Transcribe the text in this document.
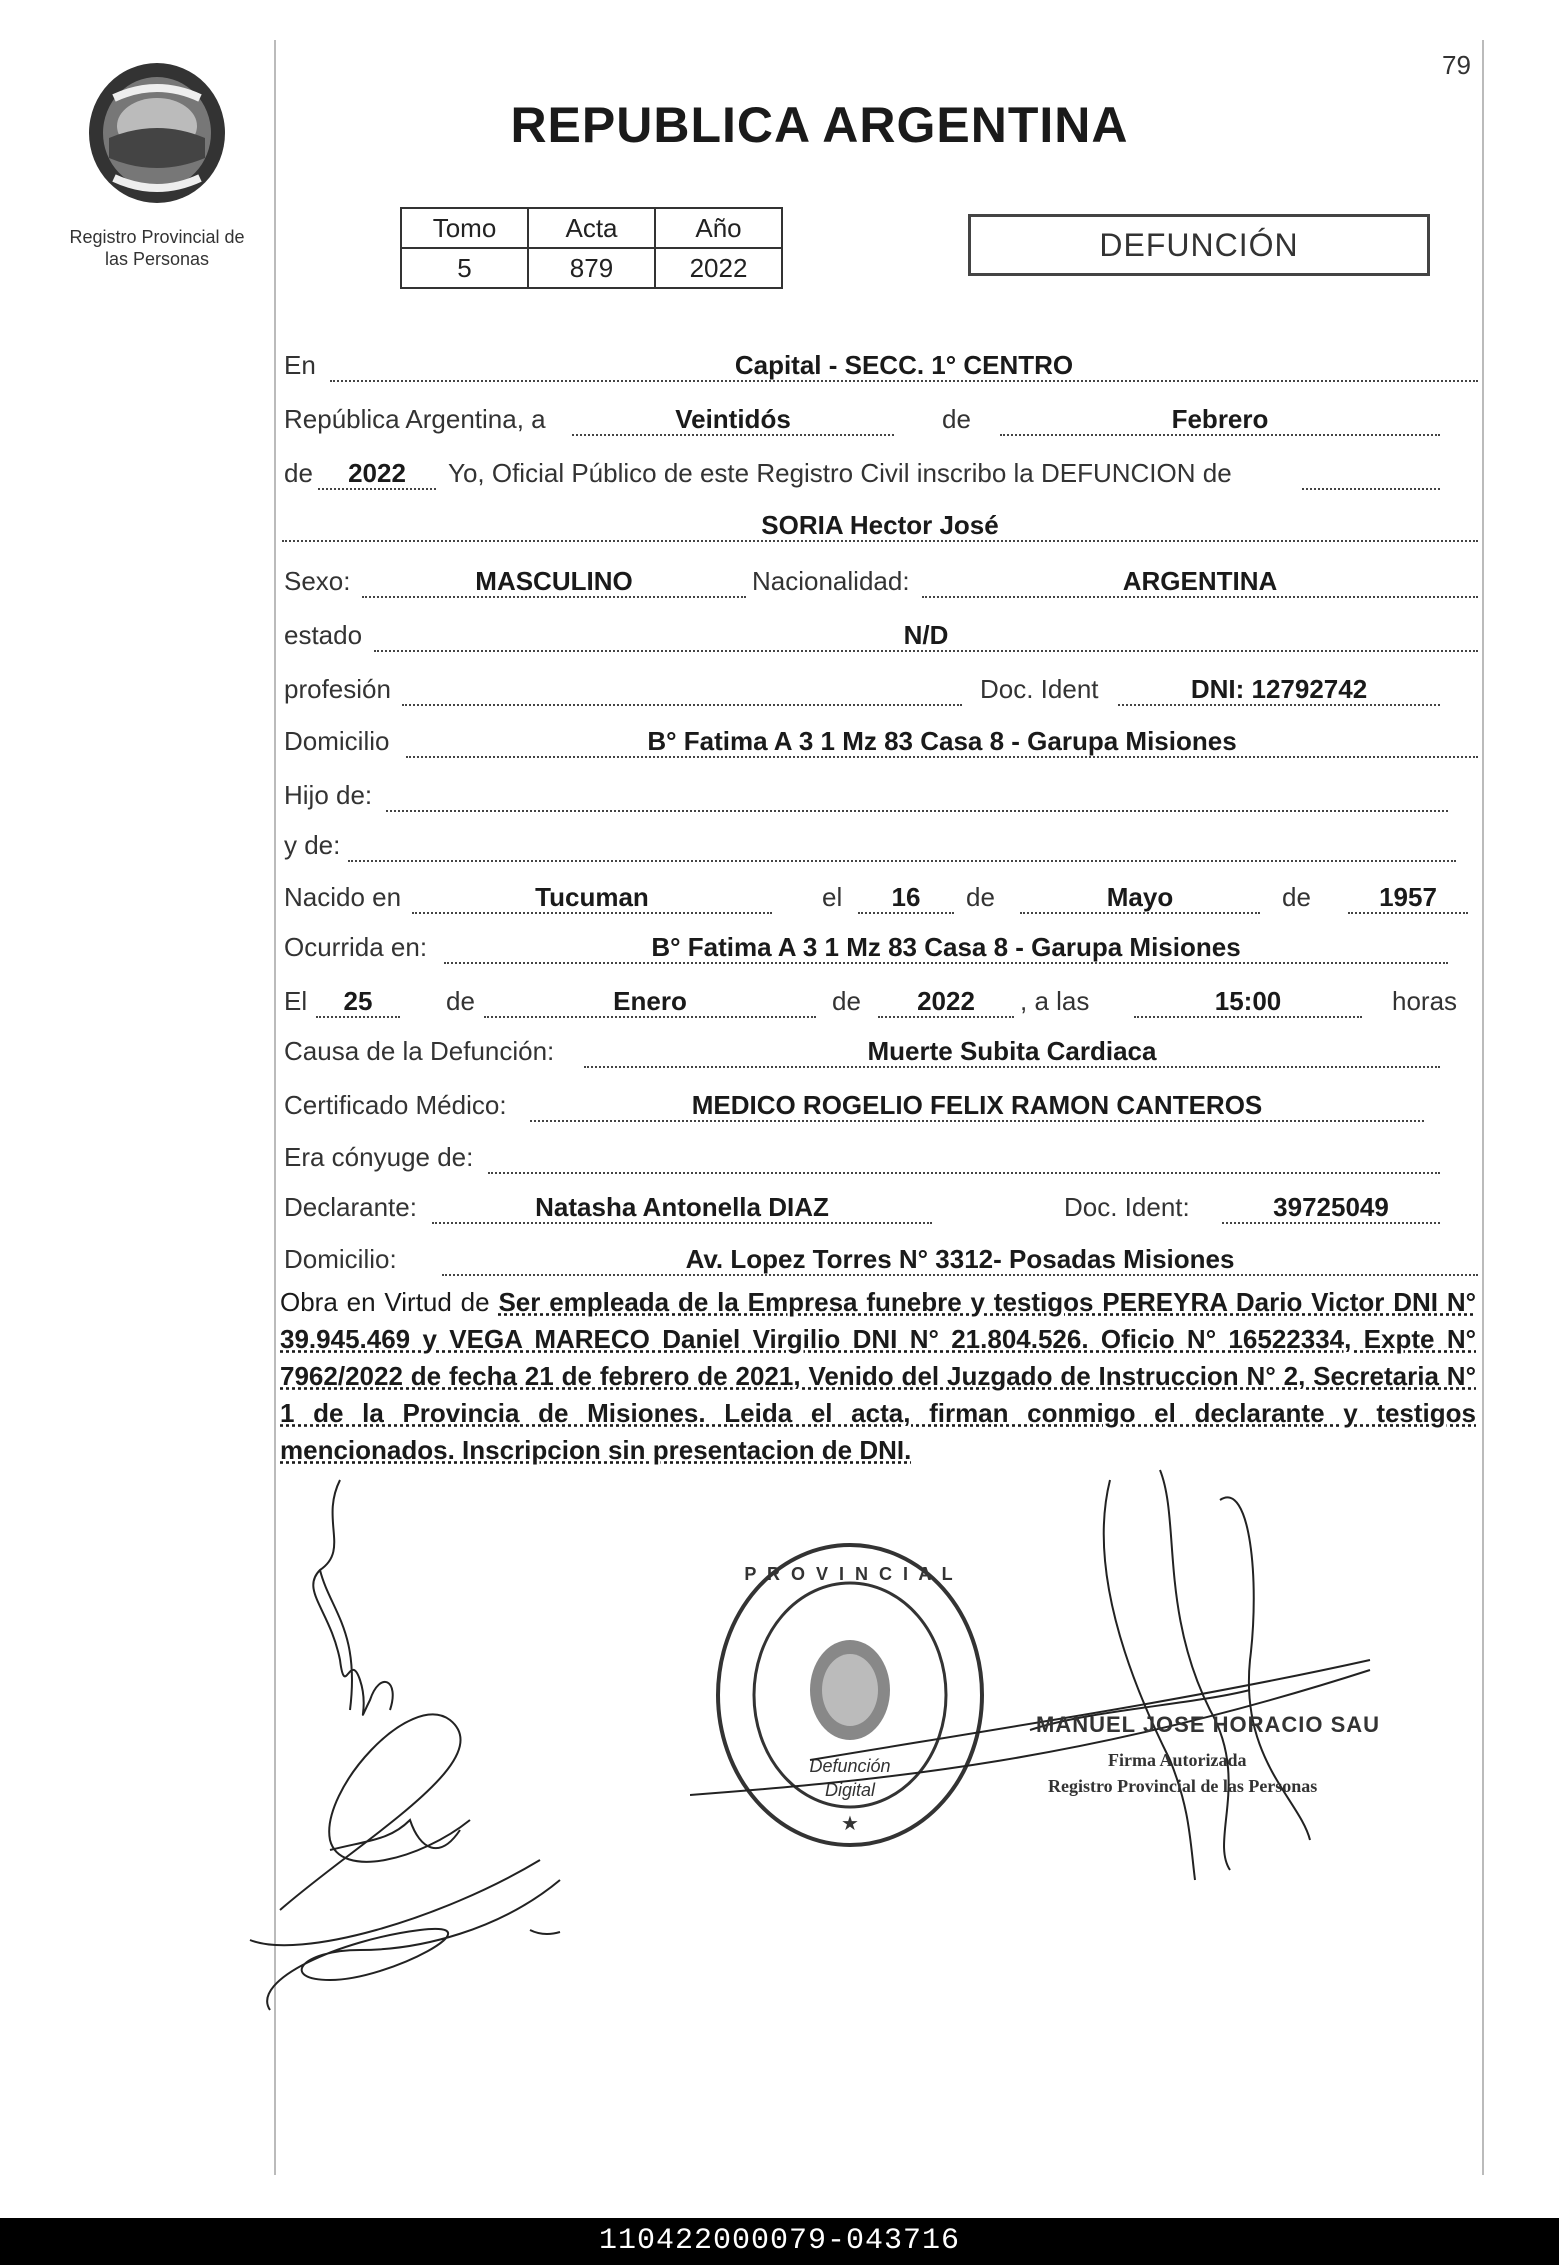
79
Registro Provincial de
las Personas
REPUBLICA ARGENTINA
Tomo	Acta	Año
5	879	2022
DEFUNCIÓN
En	Capital - SECC. 1° CENTRO
República Argentina, a	Veintidós	de	Febrero
de	2022	Yo, Oficial Público de este Registro Civil inscribo la DEFUNCION de
SORIA Hector José
Sexo:	MASCULINO	Nacionalidad:	ARGENTINA
estado	N/D
profesión	Doc. Ident	DNI: 12792742
Domicilio	B° Fatima A 3 1 Mz 83 Casa 8 - Garupa Misiones
Hijo de:
y de:
Nacido en	Tucuman	el	16	de	Mayo	de	1957
Ocurrida en:	B° Fatima A 3 1 Mz 83 Casa 8 - Garupa Misiones
El	25	de	Enero	de	2022	, a las	15:00	horas
Causa de la Defunción:	Muerte Subita Cardiaca
Certificado Médico:	MEDICO ROGELIO FELIX RAMON CANTEROS
Era cónyuge de:
Declarante:	Natasha Antonella DIAZ	Doc. Ident:	39725049
Domicilio:	Av. Lopez Torres N° 3312- Posadas Misiones
Obra en Virtud de Ser empleada de la Empresa funebre y testigos PEREYRA Dario Victor DNI N° 39.945.469 y VEGA MARECO Daniel Virgilio DNI N° 21.804.526. Oficio N° 16522334, Expte N° 7962/2022 de fecha 21 de febrero de 2021, Venido del Juzgado de Instruccion N° 2, Secretaria N° 1 de la Provincia de Misiones. Leida el acta, firman conmigo el declarante y testigos mencionados. Inscripcion sin presentacion de DNI.
P R O V I N C I A L
Defunción
Digital
★
MANUEL JOSE HORACIO SAU
Firma Autorizada
Registro Provincial de las Personas
110422000079-043716
